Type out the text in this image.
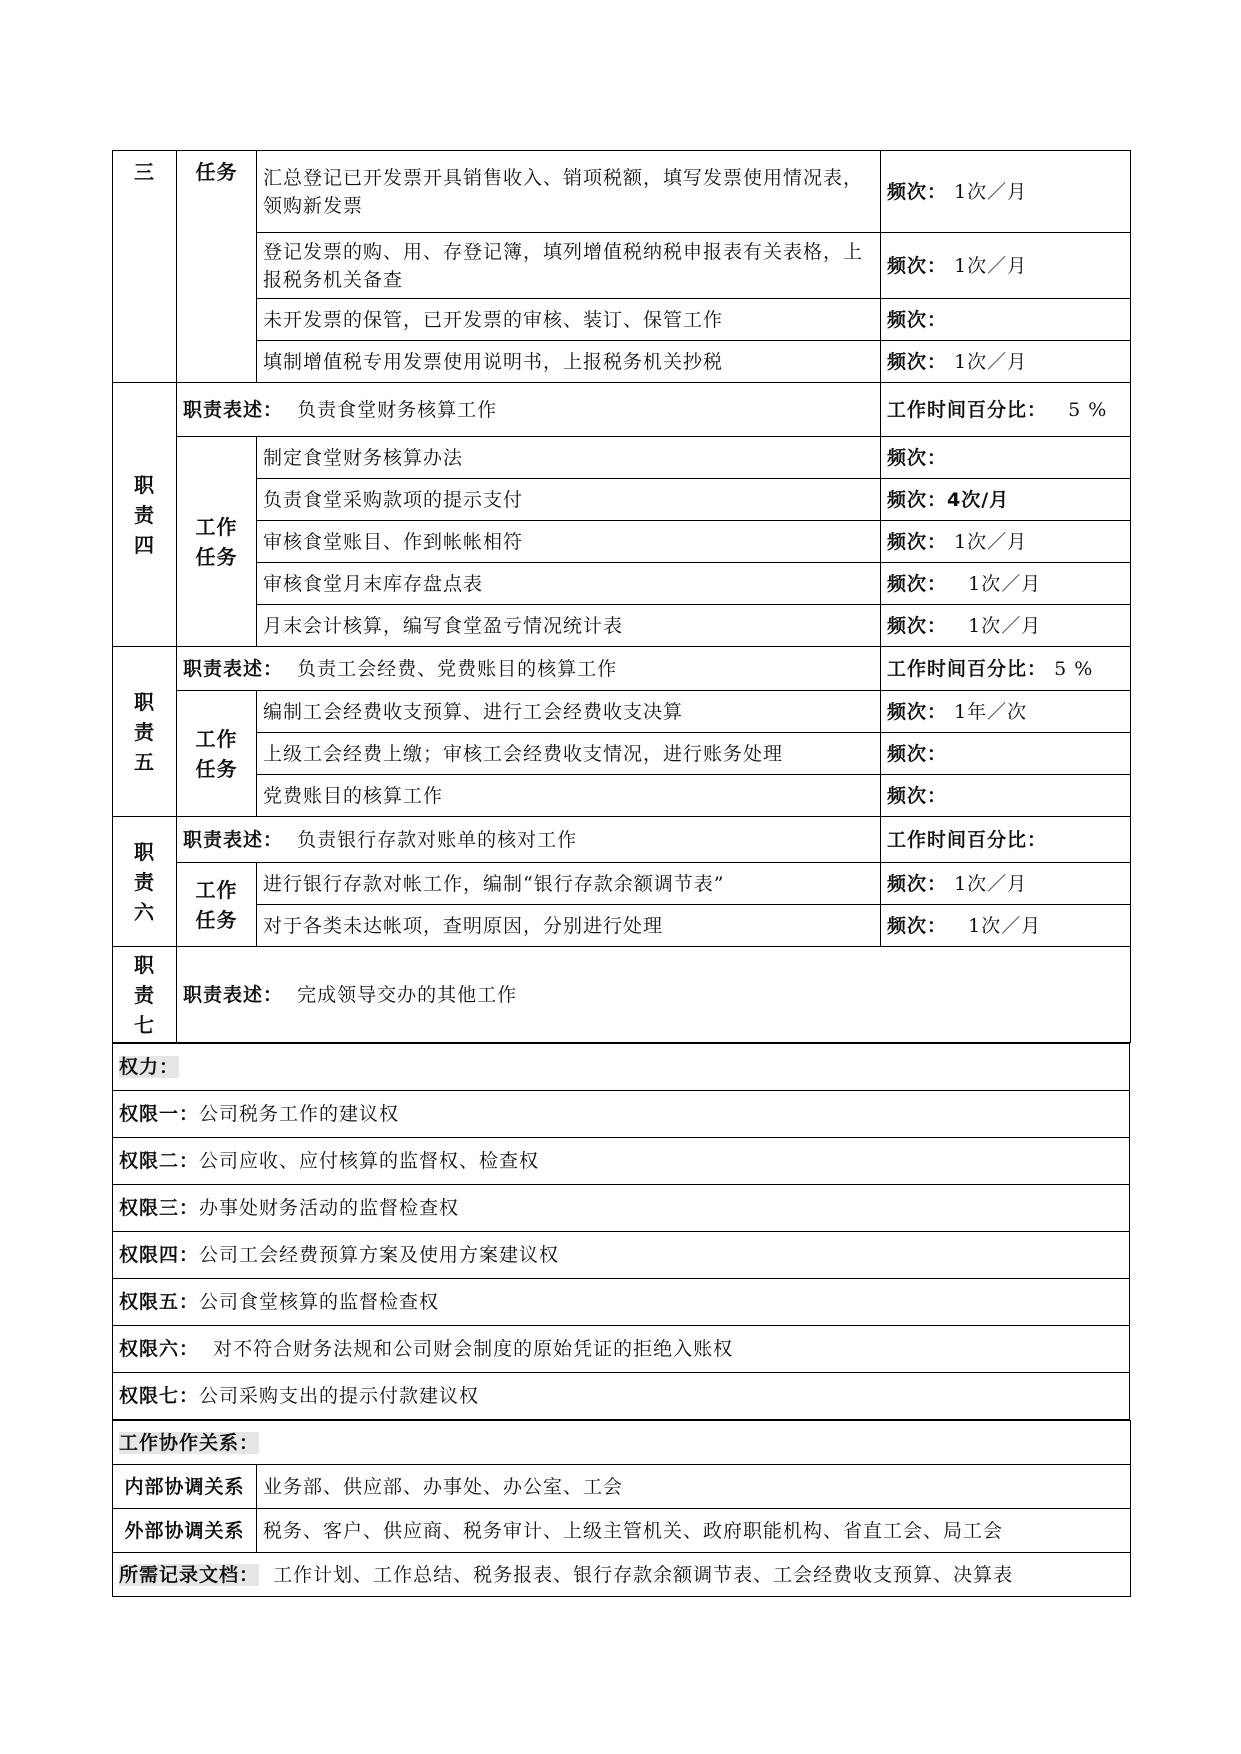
三	任务	汇总登记已开发票开具销售收入、销项税额，填写发票使用情况表，领购新发票	频次： 1次／月
		登记发票的购、用、存登记簿，填列增值税纳税申报表有关表格，上报税务机关备查	频次： 1次／月
		未开发票的保管，已开发票的审核、装订、保管工作	频次：
		填制增值税专用发票使用说明书，上报税务机关抄税	频次： 1次／月

职
责
四	职责表述： 负责食堂财务核算工作		工作时间百分比： 5 %

	工作
任务	制定食堂财务核算办法	频次：
		负责食堂采购款项的提示支付	频次：4次/月
		审核食堂账目、作到帐帐相符	频次： 1次／月
		审核食堂月末库存盘点表	频次： 1次／月
		月末会计核算，编写食堂盈亏情况统计表	频次： 1次／月

职
责
五	职责表述： 负责工会经费、党费账目的核算工作		工作时间百分比： 5 %

	工作
任务	编制工会经费收支预算、进行工会经费收支决算	频次： 1年／次
		上级工会经费上缴；审核工会经费收支情况，进行账务处理	频次：
		党费账目的核算工作	频次：

职
责
六	职责表述： 负责银行存款对账单的核对工作		工作时间百分比：

	工作
任务	进行银行存款对帐工作，编制“银行存款余额调节表”	频次： 1次／月
		对于各类未达帐项，查明原因，分别进行处理	频次： 1次／月

职
责
七	职责表述： 完成领导交办的其他工作		
权力：
权限一：公司税务工作的建议权
权限二：公司应收、应付核算的监督权、检查权
权限三：办事处财务活动的监督检查权
权限四：公司工会经费预算方案及使用方案建议权
权限五：公司食堂核算的监督检查权
权限六： 对不符合财务法规和公司财会制度的原始凭证的拒绝入账权
权限七：公司采购支出的提示付款建议权
工作协作关系：	
内部协调关系	业务部、供应部、办事处、办公室、工会
外部协调关系	税务、客户、供应商、税务审计、上级主管机关、政府职能机构、省直工会、局工会
所需记录文档： 工作计划、工作总结、税务报表、银行存款余额调节表、工会经费收支预算、决算表	
